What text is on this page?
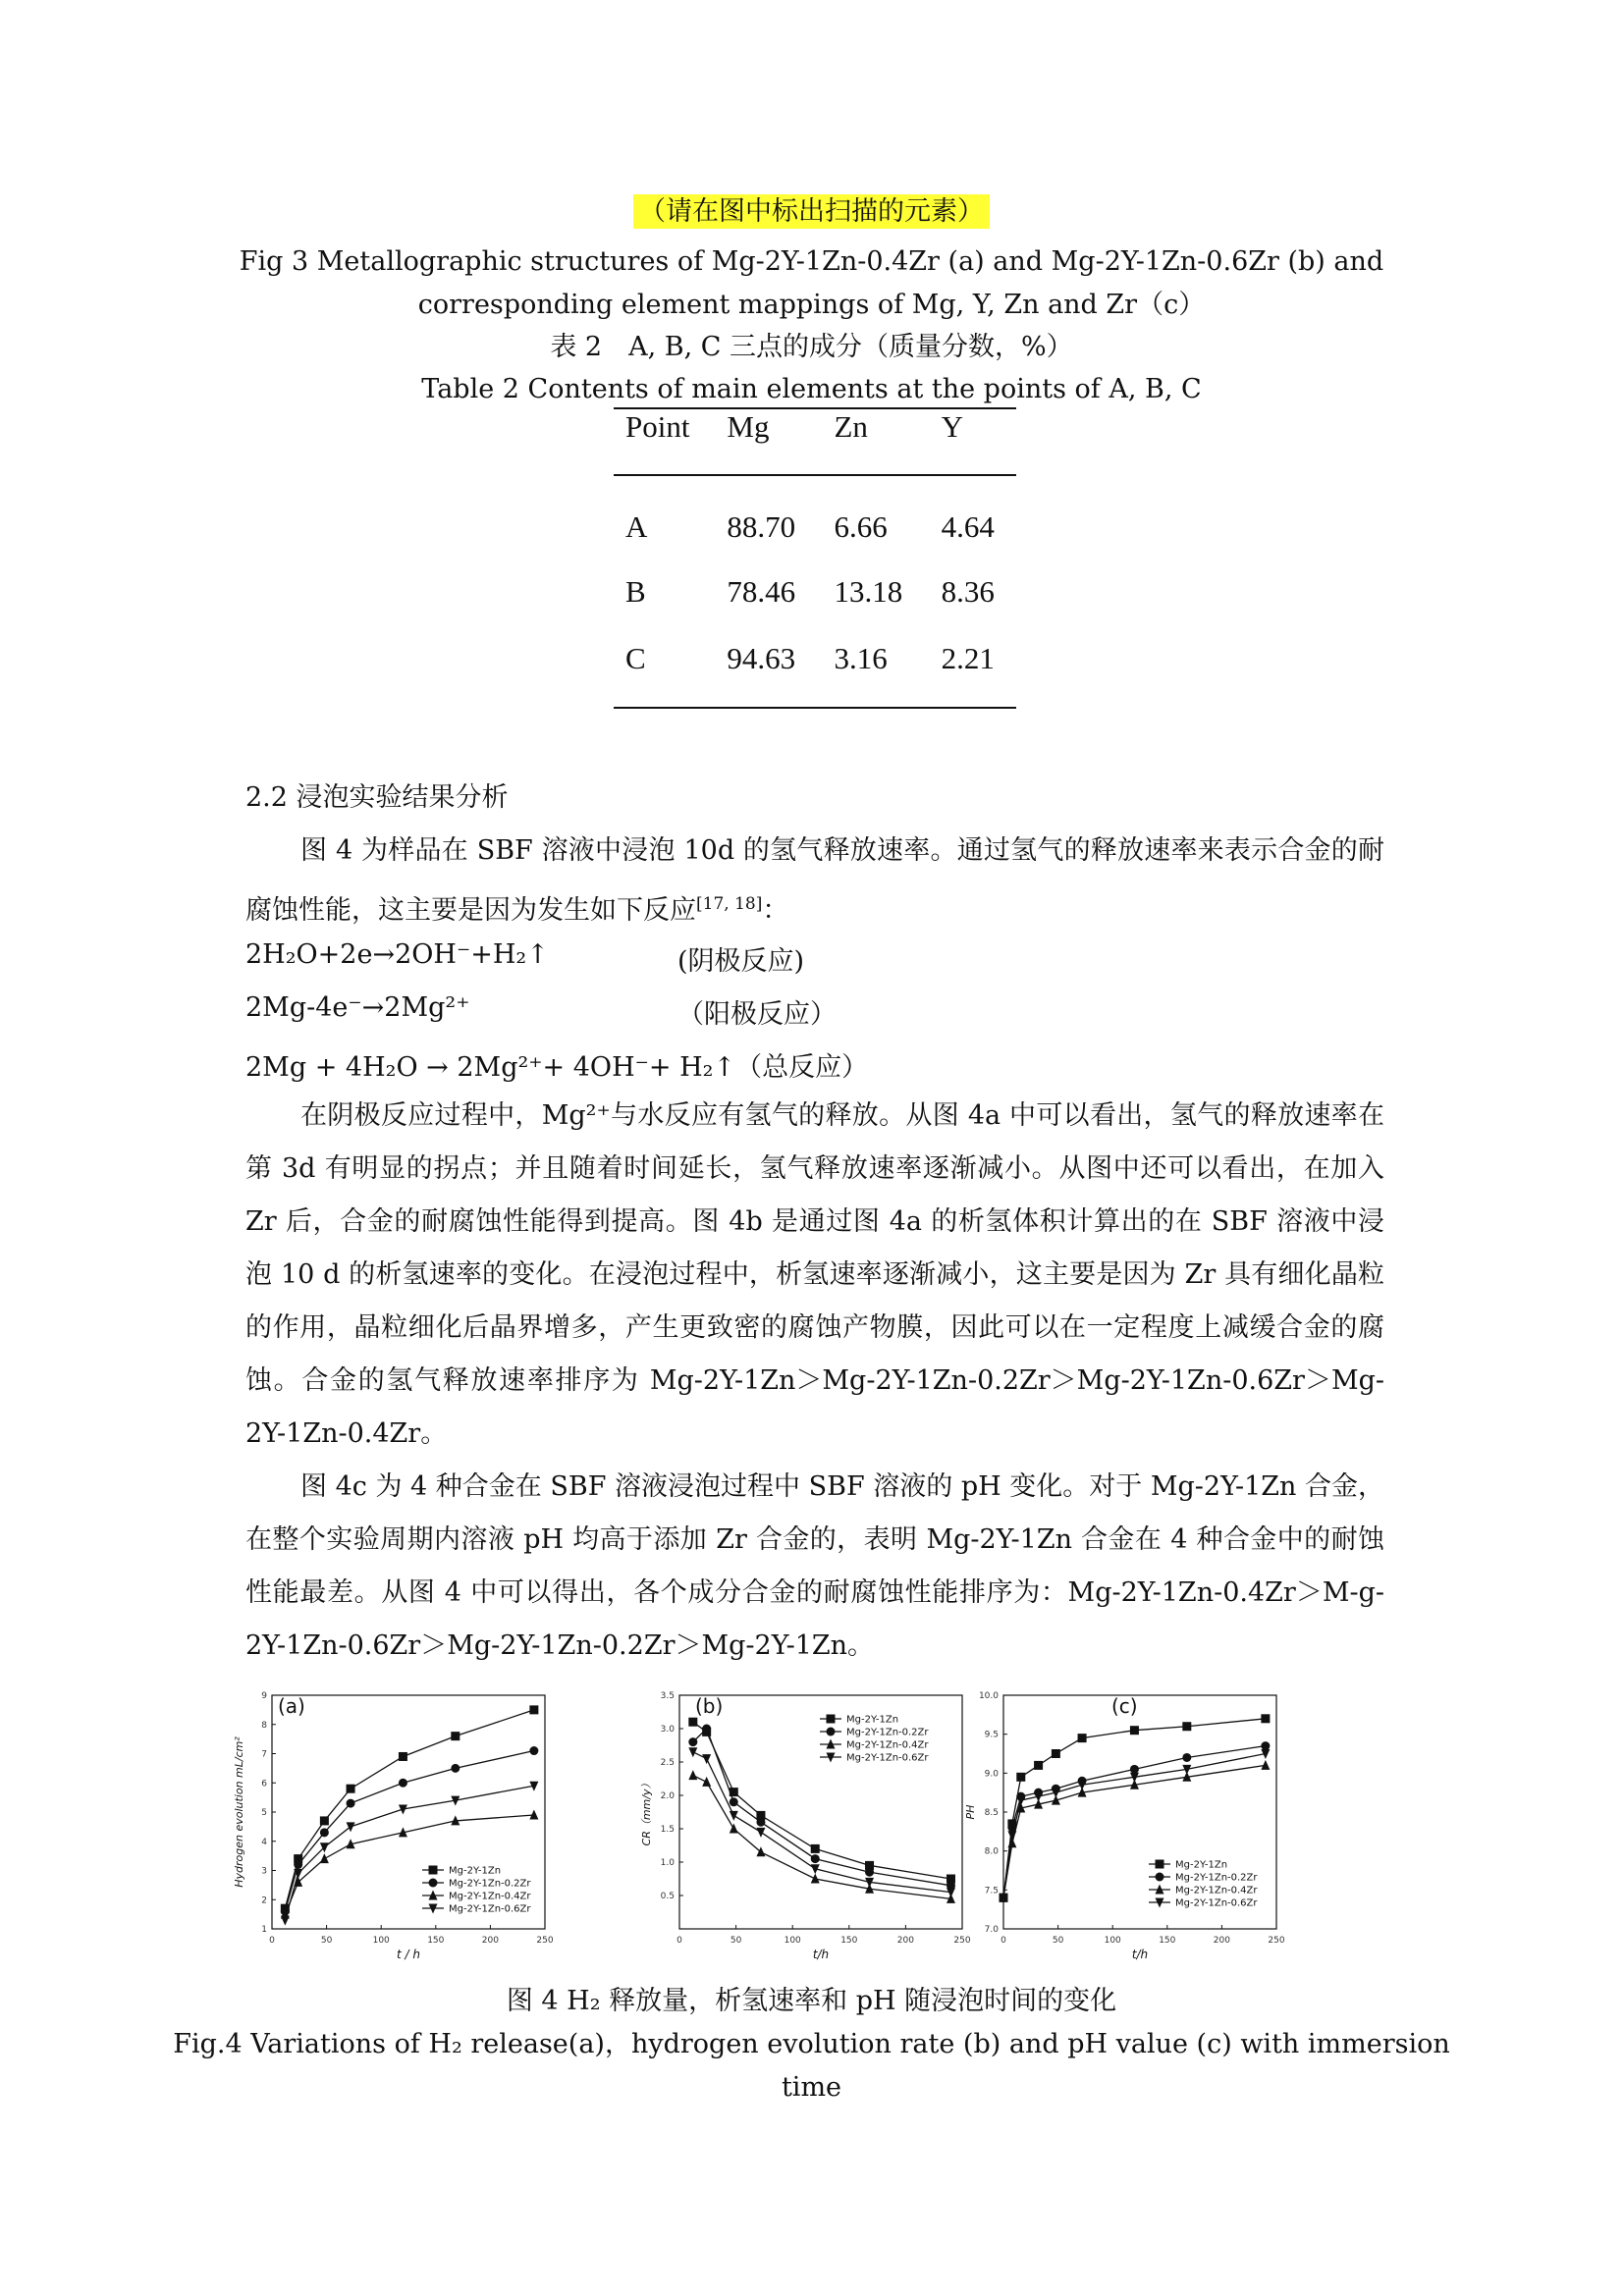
（请在图中标出扫描的元素）
Fig 3 Metallographic structures of Mg-2Y-1Zn-0.4Zr (a) and Mg-2Y-1Zn-0.6Zr (b) and
corresponding element mappings of Mg, Y, Zn and Zr（c）
表 2　A, B, C 三点的成分（质量分数，%）
Table 2 Contents of main elements at the points of A, B, C
Point	Mg	Zn	Y
A	88.70	6.66	4.64
B	78.46	13.18	8.36
C	94.63	3.16	2.21
2.2 浸泡实验结果分析

图 4 为样品在 SBF 溶液中浸泡 10d 的氢气释放速率。通过氢气的释放速率来表示合金的耐腐蚀性能，这主要是因为发生如下反应[17, 18]：

2H₂O+2e→2OH⁻+H₂↑	(阴极反应)
2Mg-4e⁻→2Mg²⁺	（阳极反应）
2Mg + 4H₂O → 2Mg²⁺+ 4OH⁻+ H₂↑（总反应）

在阴极反应过程中，Mg²⁺与水反应有氢气的释放。从图 4a 中可以看出，氢气的释放速率在第 3d 有明显的拐点；并且随着时间延长，氢气释放速率逐渐减小。从图中还可以看出，在加入 Zr 后，合金的耐腐蚀性能得到提高。图 4b 是通过图 4a 的析氢体积计算出的在 SBF 溶液中浸泡 10 d 的析氢速率的变化。在浸泡过程中，析氢速率逐渐减小，这主要是因为 Zr 具有细化晶粒的作用，晶粒细化后晶界增多，产生更致密的腐蚀产物膜，因此可以在一定程度上减缓合金的腐蚀。合金的氢气释放速率排序为 Mg-2Y-1Zn＞Mg-2Y-1Zn-0.2Zr＞Mg-2Y-1Zn-0.6Zr＞Mg-2Y-1Zn-0.4Zr。

图 4c 为 4 种合金在 SBF 溶液浸泡过程中 SBF 溶液的 pH 变化。对于 Mg-2Y-1Zn 合金，在整个实验周期内溶液 pH 均高于添加 Zr 合金的，表明 Mg-2Y-1Zn 合金在 4 种合金中的耐蚀性能最差。从图 4 中可以得出，各个成分合金的耐腐蚀性能排序为：Mg-2Y-1Zn-0.4Zr＞M-g-2Y-1Zn-0.6Zr＞Mg-2Y-1Zn-0.2Zr＞Mg-2Y-1Zn。

0	50	100	150	200	250
1
2
3
4
5
6
7
8
9
t / h
Hydrogen evolution mL/cm²
(a)
Mg-2Y-1Zn
Mg-2Y-1Zn-0.2Zr
Mg-2Y-1Zn-0.4Zr
Mg-2Y-1Zn-0.6Zr
0	50	100	150	200	250
0.5
1.0
1.5
2.0
2.5
3.0
3.5
t/h
CR（mm/y）
(b)
Mg-2Y-1Zn
Mg-2Y-1Zn-0.2Zr
Mg-2Y-1Zn-0.4Zr
Mg-2Y-1Zn-0.6Zr
0	50	100	150	200	250
7.0
7.5
8.0
8.5
9.0
9.5
10.0
t/h
PH
(c)
Mg-2Y-1Zn
Mg-2Y-1Zn-0.2Zr
Mg-2Y-1Zn-0.4Zr
Mg-2Y-1Zn-0.6Zr
图 4 H₂ 释放量，析氢速率和 pH 随浸泡时间的变化
Fig.4 Variations of H₂ release(a)，hydrogen evolution rate (b) and pH value (c) with immersion
time
